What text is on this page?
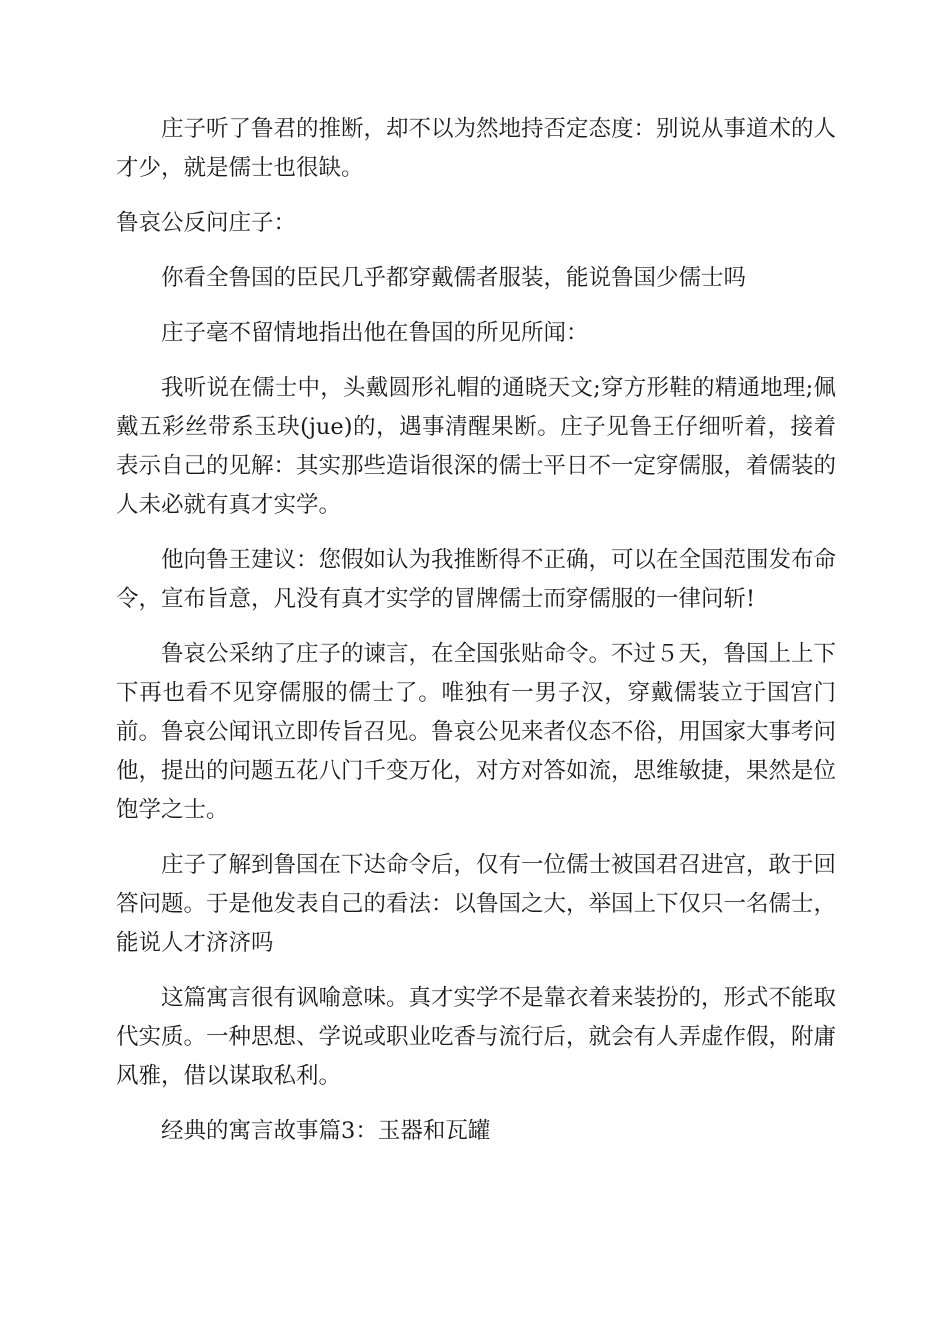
庄子听了鲁君的推断，却不以为然地持否定态度：别说从事道术的人才少，就是儒士也很缺。

鲁哀公反问庄子：

你看全鲁国的臣民几乎都穿戴儒者服装，能说鲁国少儒士吗

庄子毫不留情地指出他在鲁国的所见所闻：

我听说在儒士中，头戴圆形礼帽的通晓天文;穿方形鞋的精通地理;佩戴五彩丝带系玉玦(jue)的，遇事清醒果断。庄子见鲁王仔细听着，接着表示自己的见解：其实那些造诣很深的儒士平日不一定穿儒服，着儒装的人未必就有真才实学。

他向鲁王建议：您假如认为我推断得不正确，可以在全国范围发布命令，宣布旨意，凡没有真才实学的冒牌儒士而穿儒服的一律问斩!

鲁哀公采纳了庄子的谏言，在全国张贴命令。不过５天，鲁国上上下下再也看不见穿儒服的儒士了。唯独有一男子汉，穿戴儒装立于国宫门前。鲁哀公闻讯立即传旨召见。鲁哀公见来者仪态不俗，用国家大事考问他，提出的问题五花八门千变万化，对方对答如流，思维敏捷，果然是位饱学之士。

庄子了解到鲁国在下达命令后，仅有一位儒士被国君召进宫，敢于回答问题。于是他发表自己的看法：以鲁国之大，举国上下仅只一名儒士，能说人才济济吗

这篇寓言很有讽喻意味。真才实学不是靠衣着来装扮的，形式不能取代实质。一种思想、学说或职业吃香与流行后，就会有人弄虚作假，附庸风雅，借以谋取私利。

经典的寓言故事篇3：玉器和瓦罐
